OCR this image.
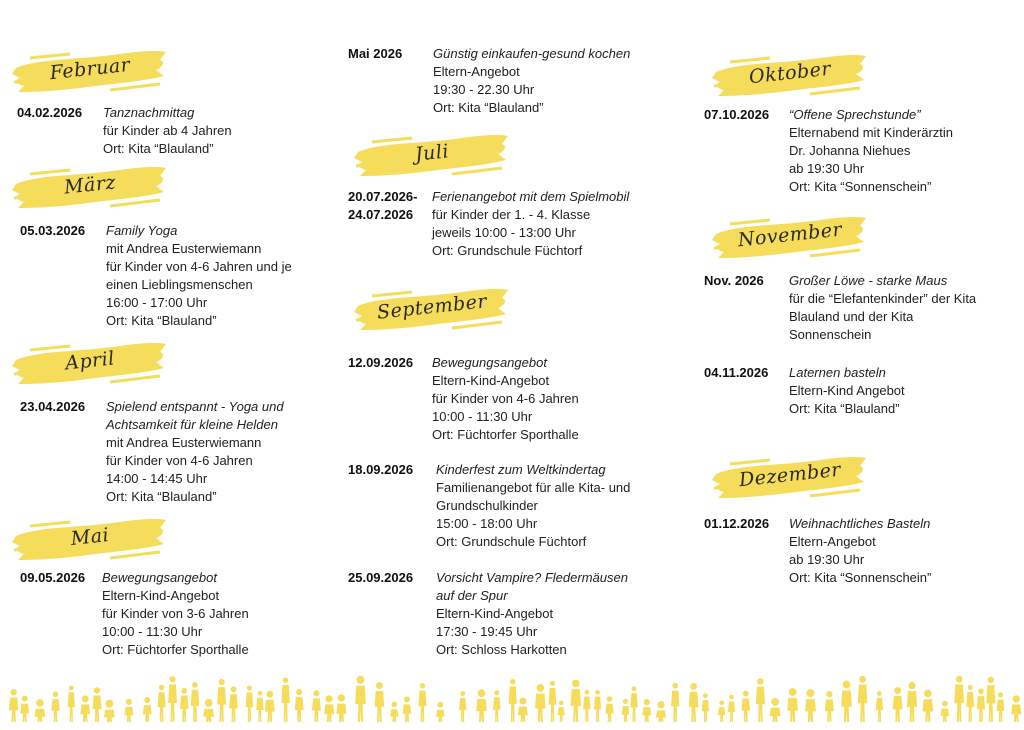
Februar
04.02.2026 Tanznachmittag
für Kinder ab 4 Jahren
Ort: Kita “Blauland”
März
05.03.2026 Family Yoga
mit Andrea Eusterwiemann
für Kinder von 4-6 Jahren und je
einen Lieblingsmenschen
16:00 - 17:00 Uhr
Ort: Kita “Blauland”
April
23.04.2026 Spielend entspannt - Yoga und
Achtsamkeit für kleine Helden
mit Andrea Eusterwiemann
für Kinder von 4-6 Jahren
14:00 - 14:45 Uhr
Ort: Kita “Blauland”
Mai
09.05.2026 Bewegungsangebot
Eltern-Kind-Angebot
für Kinder von 3-6 Jahren
10:00 - 11:30 Uhr
Ort: Füchtorfer Sporthalle
Mai 2026 Günstig einkaufen-gesund kochen
Eltern-Angebot
19:30 - 22.30 Uhr
Ort: Kita “Blauland”
Juli
20.07.2026-
24.07.2026
Ferienangebot mit dem Spielmobil
für Kinder der 1. - 4. Klasse
jeweils 10:00 - 13:00 Uhr
Ort: Grundschule Füchtorf
September
12.09.2026 Bewegungsangebot
Eltern-Kind-Angebot
für Kinder von 4-6 Jahren
10:00 - 11:30 Uhr
Ort: Füchtorfer Sporthalle
18.09.2026 Kinderfest zum Weltkindertag
Familienangebot für alle Kita- und
Grundschulkinder
15:00 - 18:00 Uhr
Ort: Grundschule Füchtorf
25.09.2026 Vorsicht Vampire? Fledermäusen
auf der Spur
Eltern-Kind-Angebot
17:30 - 19:45 Uhr
Ort: Schloss Harkotten
Oktober
07.10.2026 “Offene Sprechstunde”
Elternabend mit Kinderärztin
Dr. Johanna Niehues
ab 19:30 Uhr
Ort: Kita “Sonnenschein”
November
Nov. 2026 Großer Löwe - starke Maus
für die “Elefantenkinder” der Kita
Blauland und der Kita
Sonnenschein
04.11.2026 Laternen basteln
Eltern-Kind Angebot
Ort: Kita “Blauland”
Dezember
01.12.2026 Weihnachtliches Basteln
Eltern-Angebot
ab 19:30 Uhr
Ort: Kita “Sonnenschein”
